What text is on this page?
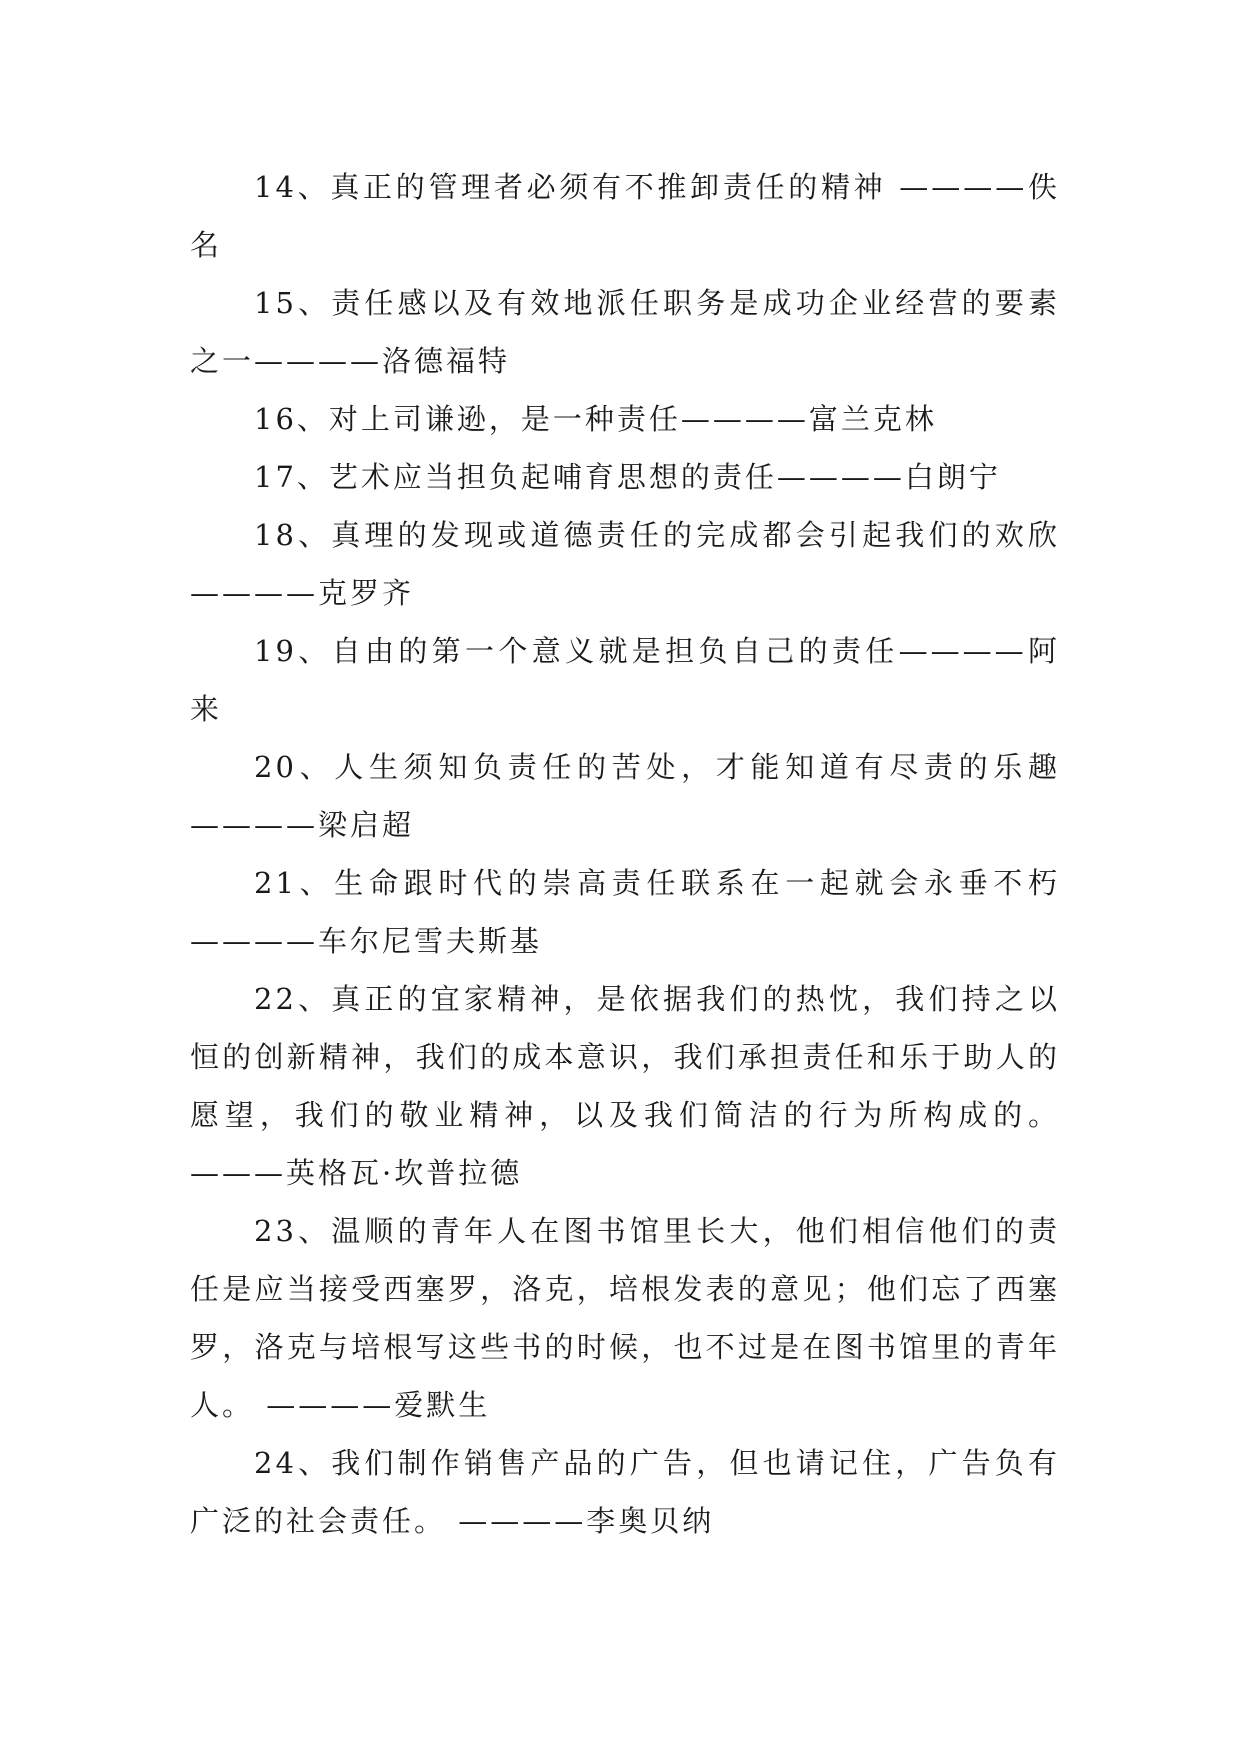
14、真正的管理者必须有不推卸责任的精神 ————佚名

15、责任感以及有效地派任职务是成功企业经营的要素之一————洛德福特

16、对上司谦逊，是一种责任————富兰克林

17、艺术应当担负起哺育思想的责任————白朗宁

18、真理的发现或道德责任的完成都会引起我们的欢欣————克罗齐

19、自由的第一个意义就是担负自己的责任————阿来

20、人生须知负责任的苦处，才能知道有尽责的乐趣————梁启超

21、生命跟时代的崇高责任联系在一起就会永垂不朽————车尔尼雪夫斯基

22、真正的宜家精神，是依据我们的热忱，我们持之以恒的创新精神，我们的成本意识，我们承担责任和乐于助人的愿望，我们的敬业精神，以及我们简洁的行为所构成的。———英格瓦·坎普拉德

23、温顺的青年人在图书馆里长大，他们相信他们的责任是应当接受西塞罗，洛克，培根发表的意见；他们忘了西塞罗，洛克与培根写这些书的时候，也不过是在图书馆里的青年人。 ————爱默生

24、我们制作销售产品的广告，但也请记住，广告负有广泛的社会责任。 ————李奥贝纳
